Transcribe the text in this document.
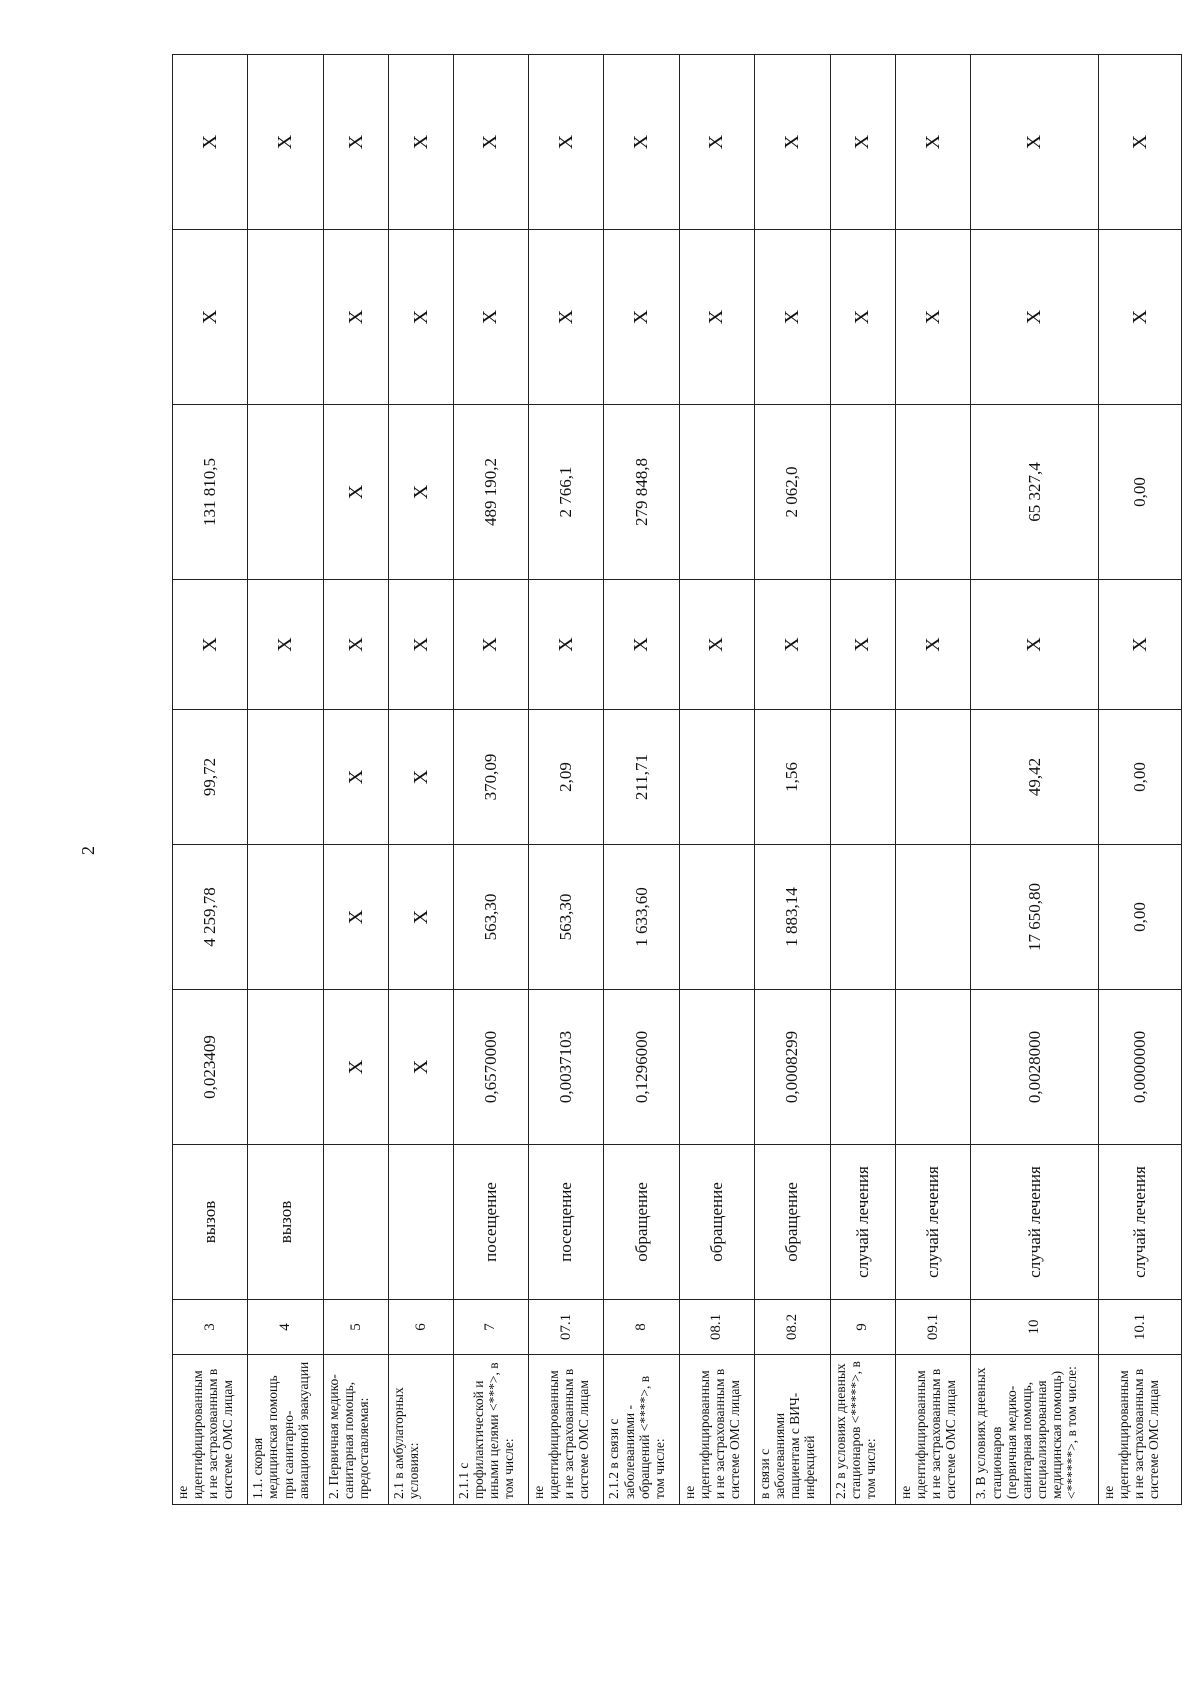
2
не идентифицированным и не застрахованным в системе ОМС лицам	3	вызов	0,023409	4 259,78	99,72	X	131 810,5	X	X
1.1. скорая медицинская помощь при санитарно-авиационной эвакуации	4	вызов				X			X
2. Первичная медико-санитарная помощь, предоставляемая:	5		X	X	X	X	X	X	X
2.1 в амбулаторных условиях:	6		X	X	X	X	X	X	X
2.1.1 с профилактической и иными целями <***>, в том числе:	7	посещение	0,6570000	563,30	370,09	X	489 190,2	X	X
не идентифицированным и не застрахованным в системе ОМС лицам	07.1	посещение	0,0037103	563,30	2,09	X	2 766,1	X	X
2.1.2 в связи с заболеваниями - обращений <****>, в том числе:	8	обращение	0,1296000	1 633,60	211,71	X	279 848,8	X	X
не идентифицированным и не застрахованным в системе ОМС лицам	08.1	обращение				X		X	X
в связи с заболеваниями пациентам с ВИЧ-инфекцией	08.2	обращение	0,0008299	1 883,14	1,56	X	2 062,0	X	X
2.2 в условиях дневных стационаров <*****>, в том числе:	9	случай лечения				X		X	X
не идентифицированным и не застрахованным в системе ОМС лицам	09.1	случай лечения				X		X	X
3. В условиях дневных стационаров (первичная медико-санитарная помощь, специализированная медицинская помощь) <******>, в том числе:	10	случай лечения	0,0028000	17 650,80	49,42	X	65 327,4	X	X
не идентифицированным и не застрахованным в системе ОМС лицам	10.1	случай лечения	0,0000000	0,00	0,00	X	0,00	X	X
